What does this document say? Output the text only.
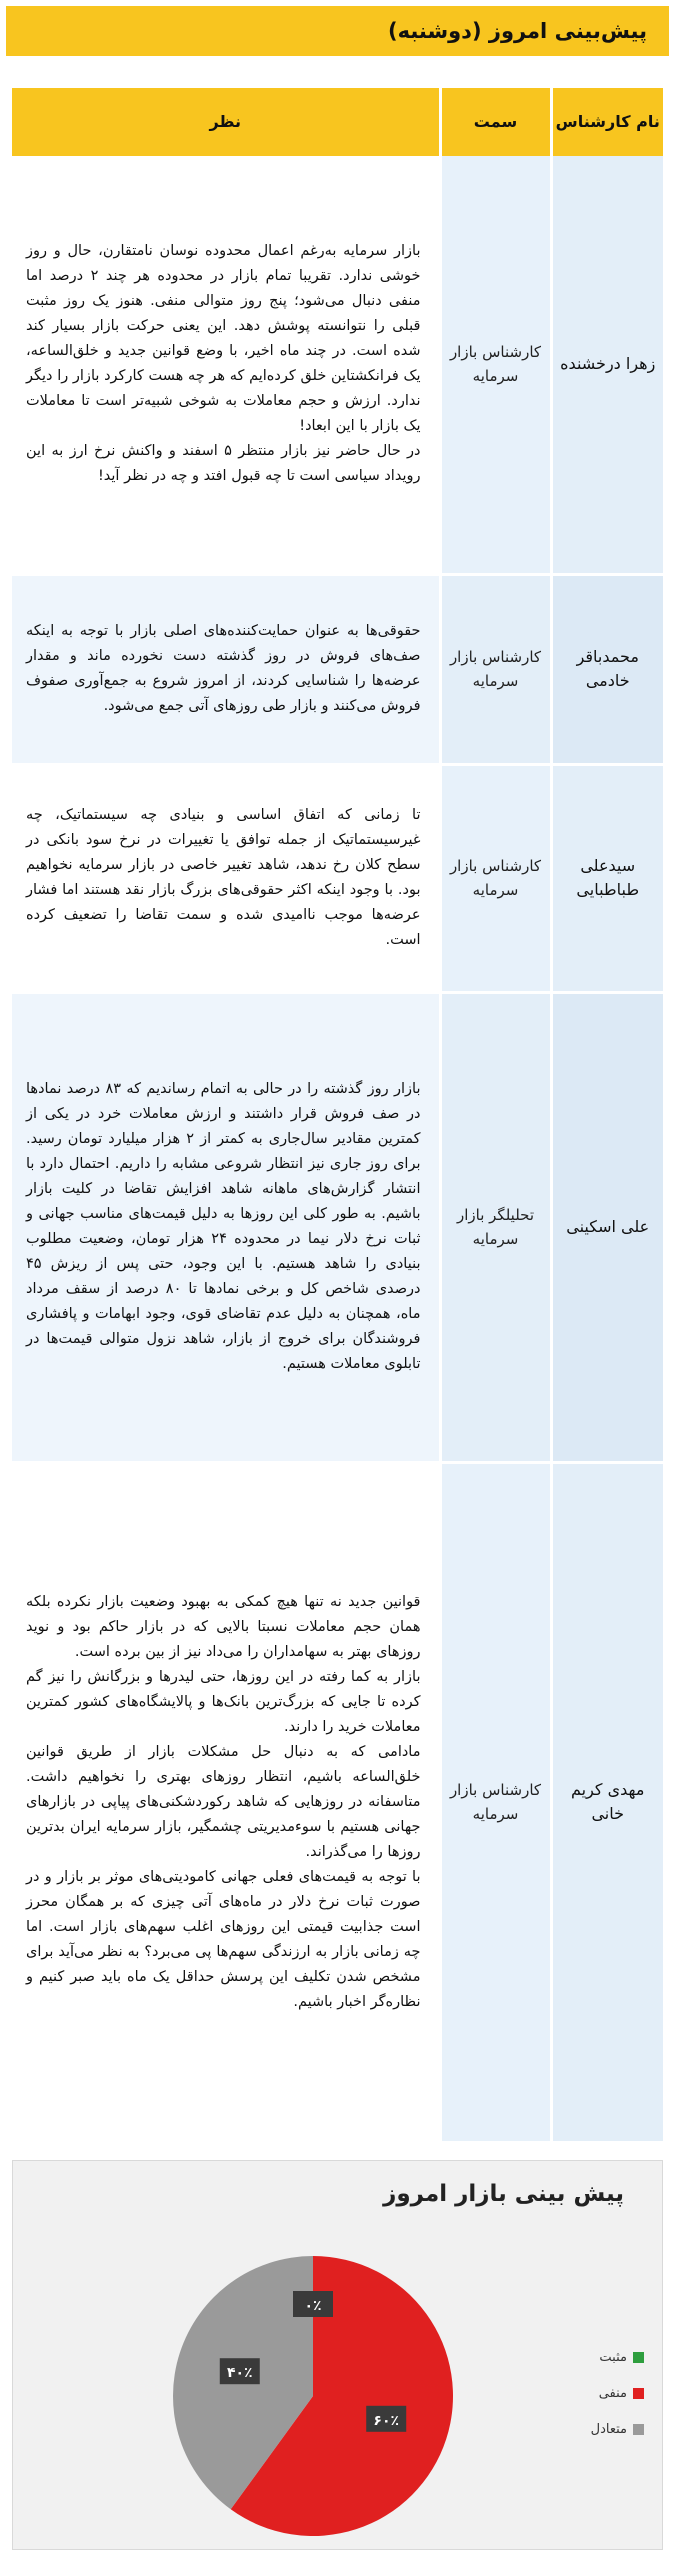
پیش‌بینی امروز (دوشنبه)
نام کارشناس	سمت	نظر
زهرا درخشنده	کارشناس بازار سرمایه	بازار سرمایه به‌رغم اعمال محدوده نوسان نامتقارن، حال و روز خوشی ندارد. تقریبا تمام بازار در محدوده هر چند ۲ درصد اما منفی دنبال می‌شود؛ پنج روز متوالی منفی. هنوز یک روز مثبت قبلی را نتوانسته پوشش دهد. این یعنی حرکت بازار بسیار کند شده است. در چند ماه اخیر، با وضع قوانین جدید و خلق‌الساعه، یک فرانکشتاین خلق کرده‌ایم که هر چه هست کارکرد بازار را دیگر ندارد. ارزش و حجم معاملات به شوخی شبیه‌تر است تا معاملات یک بازار با این ابعاد!
در حال حاضر نیز بازار منتظر ۵ اسفند و واکنش نرخ ارز به این رویداد سیاسی است تا چه قبول افتد و چه در نظر آید!

محمدباقر خادمی	کارشناس بازار سرمایه	حقوقی‌ها به عنوان حمایت‌کننده‌های اصلی بازار با توجه به اینکه صف‌های فروش در روز گذشته دست نخورده ماند و مقدار عرضه‌ها را شناسایی کردند، از امروز شروع به جمع‌آوری صفوف فروش می‌کنند و بازار طی روزهای آتی جمع می‌شود.

سیدعلی طباطبایی	کارشناس بازار سرمایه	تا زمانی که اتفاق اساسی و بنیادی چه سیستماتیک، چه غیرسیستماتیک از جمله توافق یا تغییرات در نرخ سود بانکی در سطح کلان رخ ندهد، شاهد تغییر خاصی در بازار سرمایه نخواهیم بود. با وجود اینکه اکثر حقوقی‌های بزرگ بازار نقد هستند اما فشار عرضه‌ها موجب ناامیدی شده و سمت تقاضا را تضعیف کرده است.

علی اسکینی	تحلیلگر بازار سرمایه	بازار روز گذشته را در حالی به اتمام رساندیم که ۸۳ درصد نمادها در صف فروش قرار داشتند و ارزش معاملات خرد در یکی از کمترین مقادیر سال‌جاری به کمتر از ۲ هزار میلیارد تومان رسید. برای روز جاری نیز انتظار شروعی مشابه را داریم. احتمال دارد با انتشار گزارش‌های ماهانه شاهد افزایش تقاضا در کلیت بازار باشیم. به طور کلی این روزها به دلیل قیمت‌های مناسب جهانی و ثبات نرخ دلار نیما در محدوده ۲۴ هزار تومان، وضعیت مطلوب بنیادی را شاهد هستیم. با این وجود، حتی پس از ریزش ۴۵ درصدی شاخص کل و برخی نمادها تا ۸۰ درصد از سقف مرداد ماه، همچنان به دلیل عدم تقاضای قوی، وجود ابهامات و پافشاری فروشندگان برای خروج از بازار، شاهد نزول متوالی قیمت‌ها در تابلوی معاملات هستیم.

مهدی کریم خانی	کارشناس بازار سرمایه	قوانین جدید نه تنها هیچ کمکی به بهبود وضعیت بازار نکرده بلکه همان حجم معاملات نسبتا بالایی که در بازار حاکم بود و نوید روزهای بهتر به سهامداران را می‌داد نیز از بین برده است.
بازار به کما رفته در این روزها، حتی لیدرها و بزرگانش را نیز گم کرده تا جایی که بزرگ‌ترین بانک‌ها و پالایشگاه‌های کشور کمترین معاملات خرید را دارند.
مادامی که به دنبال حل مشکلات بازار از طریق قوانین خلق‌الساعه باشیم، انتظار روزهای بهتری را نخواهیم داشت. متاسفانه در روزهایی که شاهد رکوردشکنی‌های پیاپی در بازارهای جهانی هستیم با سوءمدیریتی چشمگیر، بازار سرمایه ایران بدترین روزها را می‌گذراند.
با توجه به قیمت‌های فعلی جهانی کامودیتی‌های موثر بر بازار و در صورت ثبات نرخ دلار در ماه‌های آتی چیزی که بر همگان محرز است جذابیت قیمتی این روزهای اغلب سهم‌های بازار است. اما چه زمانی بازار به ارزندگی سهم‌ها پی می‌برد؟ به نظر می‌آید برای مشخص شدن تکلیف این پرسش حداقل یک ماه باید صبر کنیم و نظاره‌گر اخبار باشیم.
پیش بینی بازار امروز
۶۰٪
۴۰٪
۰٪
مثبت
منفی
متعادل
